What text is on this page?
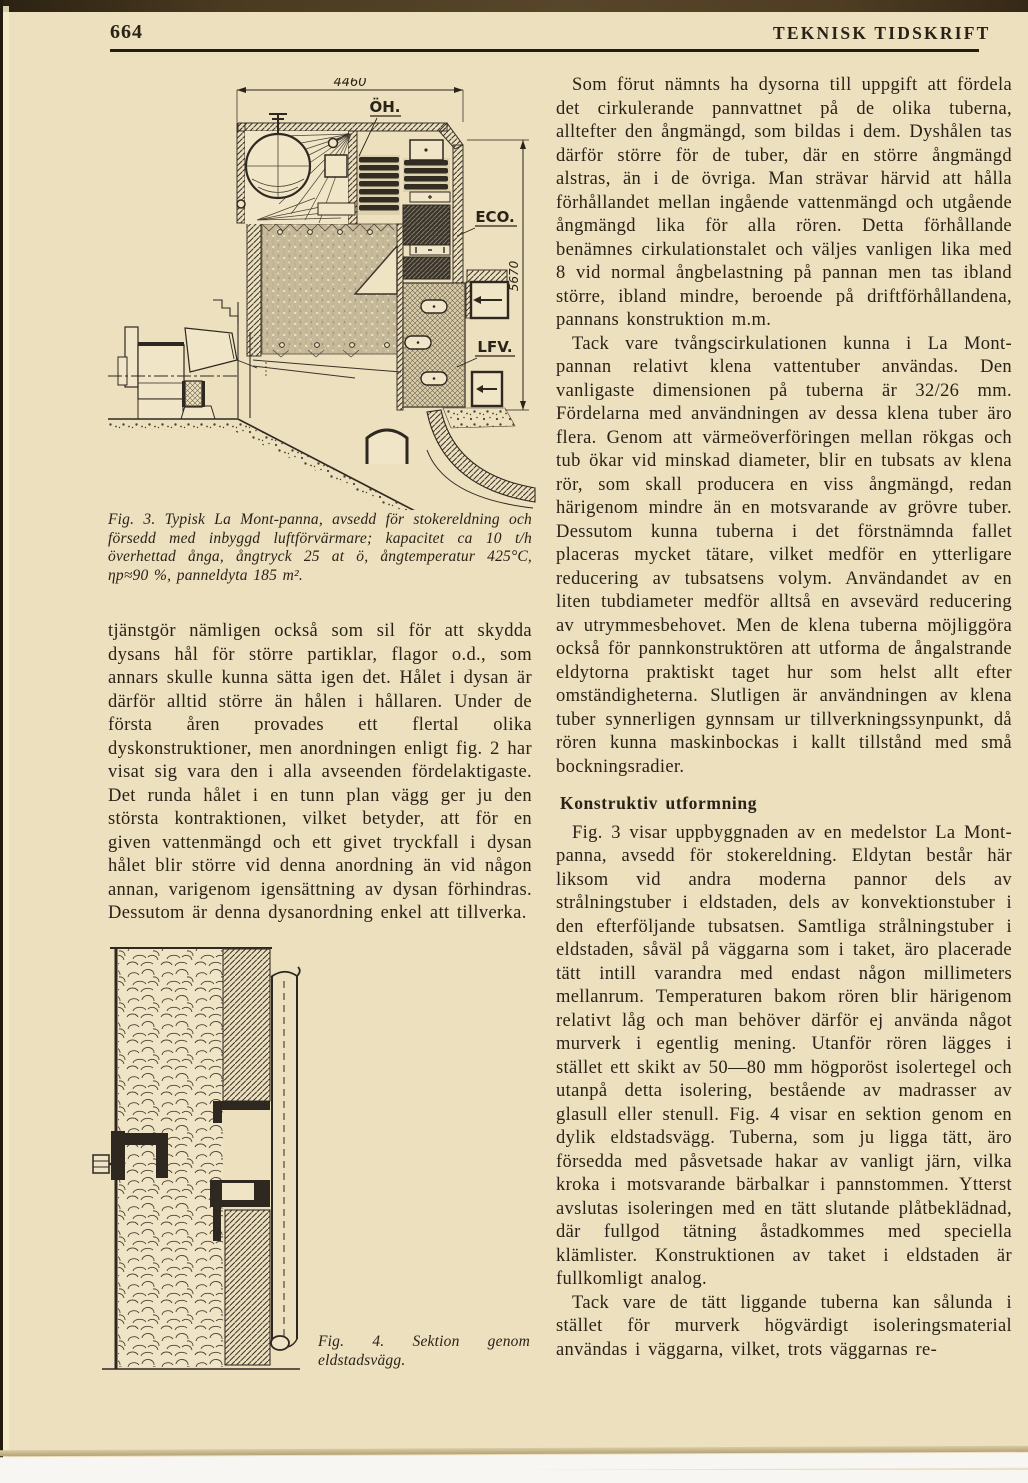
664	TEKNISK TIDSKRIFT
4460
5670
ÖH.
ECO.
LFV.
Fig. 3. Typisk La Mont-panna, avsedd för stokereldning och försedd med inbyggd luftförvärmare; kapacitet ca 10 t/h överhettad ånga, ångtryck 25 at ö, ångtemperatur 425°C, ηp≈90 %, panneldyta 185 m².

tjänstgör nämligen också som sil för att skydda dysans hål för större partiklar, flagor o.d., som annars skulle kunna sätta igen det. Hålet i dysan är därför alltid större än hålen i hållaren. Under de första åren provades ett flertal olika dyskonstruktioner, men anordningen enligt fig. 2 har visat sig vara den i alla avseenden fördelaktigaste. Det runda hålet i en tunn plan vägg ger ju den största kontraktionen, vilket betyder, att för en given vattenmängd och ett givet tryckfall i dysan hålet blir större vid denna anordning än vid någon annan, varigenom igensättning av dysan förhindras. Dessutom är denna dysanordning enkel att tillverka.

Fig. 4. Sektion genom eldstadsvägg.

Som förut nämnts ha dysorna till uppgift att fördela det cirkulerande pannvattnet på de olika tuberna, alltefter den ångmängd, som bildas i dem. Dyshålen tas därför större för de tuber, där en större ångmängd alstras, än i de övriga. Man strävar härvid att hålla förhållandet mellan ingående vattenmängd och utgående ångmängd lika för alla rören. Detta förhållande benämnes cirkulationstalet och väljes vanligen lika med 8 vid normal ångbelastning på pannan men tas ibland större, ibland mindre, beroende på driftförhållandena, pannans konstruktion m.m.

Tack vare tvångscirkulationen kunna i La Mont-pannan relativt klena vattentuber användas. Den vanligaste dimensionen på tuberna är 32/26 mm. Fördelarna med användningen av dessa klena tuber äro flera. Genom att värmeöverföringen mellan rökgas och tub ökar vid minskad diameter, blir en tubsats av klena rör, som skall producera en viss ångmängd, redan härigenom mindre än en motsvarande av grövre tuber. Dessutom kunna tuberna i det förstnämnda fallet placeras mycket tätare, vilket medför en ytterligare reducering av tubsatsens volym. Användandet av en liten tubdiameter medför alltså en avsevärd reducering av utrymmesbehovet. Men de klena tuberna möjliggöra också för pannkonstruktören att utforma de ångalstrande eldytorna praktiskt taget hur som helst allt efter omständigheterna. Slutligen är användningen av klena tuber synnerligen gynnsam ur tillverkningssynpunkt, då rören kunna maskinbockas i kallt tillstånd med små bockningsradier.

Konstruktiv utformning

Fig. 3 visar uppbyggnaden av en medelstor La Mont-panna, avsedd för stokereldning. Eldytan består här liksom vid andra moderna pannor dels av strålningstuber i eldstaden, dels av konvektionstuber i den efterföljande tubsatsen. Samtliga strålningstuber i eldstaden, såväl på väggarna som i taket, äro placerade tätt intill varandra med endast någon millimeters mellanrum. Temperaturen bakom rören blir härigenom relativt låg och man behöver därför ej använda något murverk i egentlig mening. Utanför rören lägges i stället ett skikt av 50—80 mm högporöst isolertegel och utanpå detta isolering, bestående av madrasser av glasull eller stenull. Fig. 4 visar en sektion genom en dylik eldstadsvägg. Tuberna, som ju ligga tätt, äro försedda med påsvetsade hakar av vanligt järn, vilka kroka i motsvarande bärbalkar i pannstommen. Ytterst avslutas isoleringen med en tätt slutande plåtbeklädnad, där fullgod tätning åstadkommes med speciella klämlister. Konstruktionen av taket i eldstaden är fullkomligt analog.

Tack vare de tätt liggande tuberna kan sålunda i stället för murverk högvärdigt isoleringsmaterial användas i väggarna, vilket, trots väggarnas re-
